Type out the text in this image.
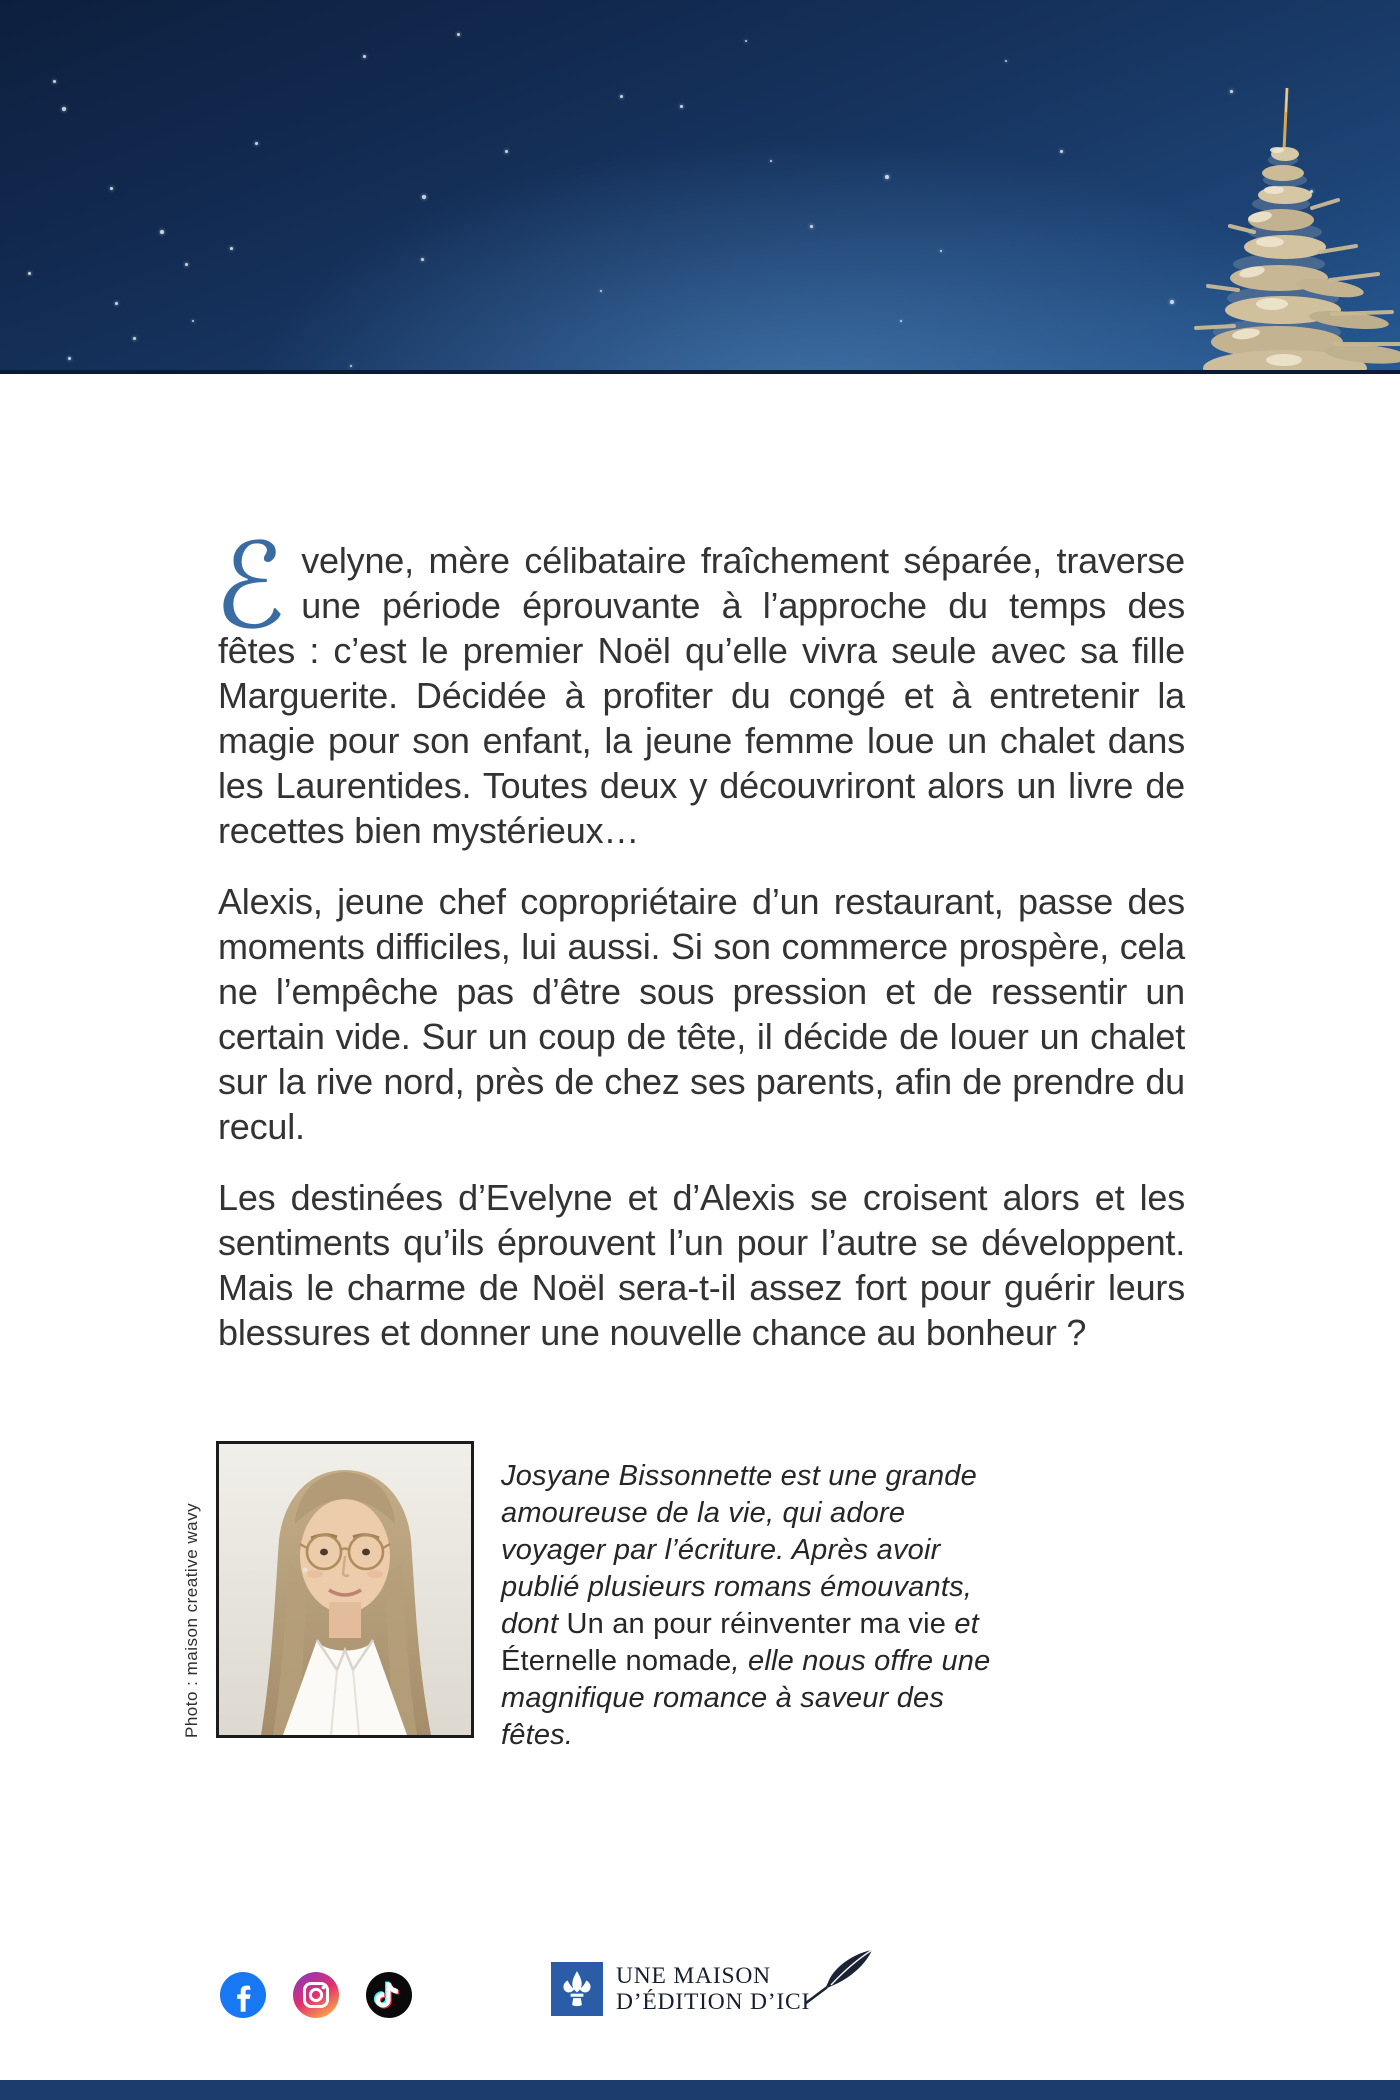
ℰvelyne, mère célibataire fraîchement séparée, traverse une période éprouvante à l’approche du temps des fêtes : c’est le premier Noël qu’elle vivra seule avec sa fille Marguerite. Décidée à profiter du congé et à entretenir la magie pour son enfant, la jeune femme loue un chalet dans les Laurentides. Toutes deux y découvriront alors un livre de recettes bien mystérieux…

Alexis, jeune chef copropriétaire d’un restaurant, passe des moments difficiles, lui aussi. Si son commerce prospère, cela ne l’empêche pas d’être sous pression et de ressentir un certain vide. Sur un coup de tête, il décide de louer un chalet sur la rive nord, près de chez ses parents, afin de prendre du recul.

Les destinées d’Evelyne et d’Alexis se croisent alors et les sentiments qu’ils éprouvent l’un pour l’autre se développent. Mais le charme de Noël sera-t-il assez fort pour guérir leurs blessures et donner une nouvelle chance au bonheur ?

Photo : maison creative wavy
Josyane Bissonnette est une grande amoureuse de la vie, qui adore voyager par l’écriture. Après avoir publié plusieurs romans émouvants, dont Un an pour réinventer ma vie et Éternelle nomade, elle nous offre une magnifique romance à saveur des fêtes.
UNE MAISON
D’ÉDITION D’ICI
